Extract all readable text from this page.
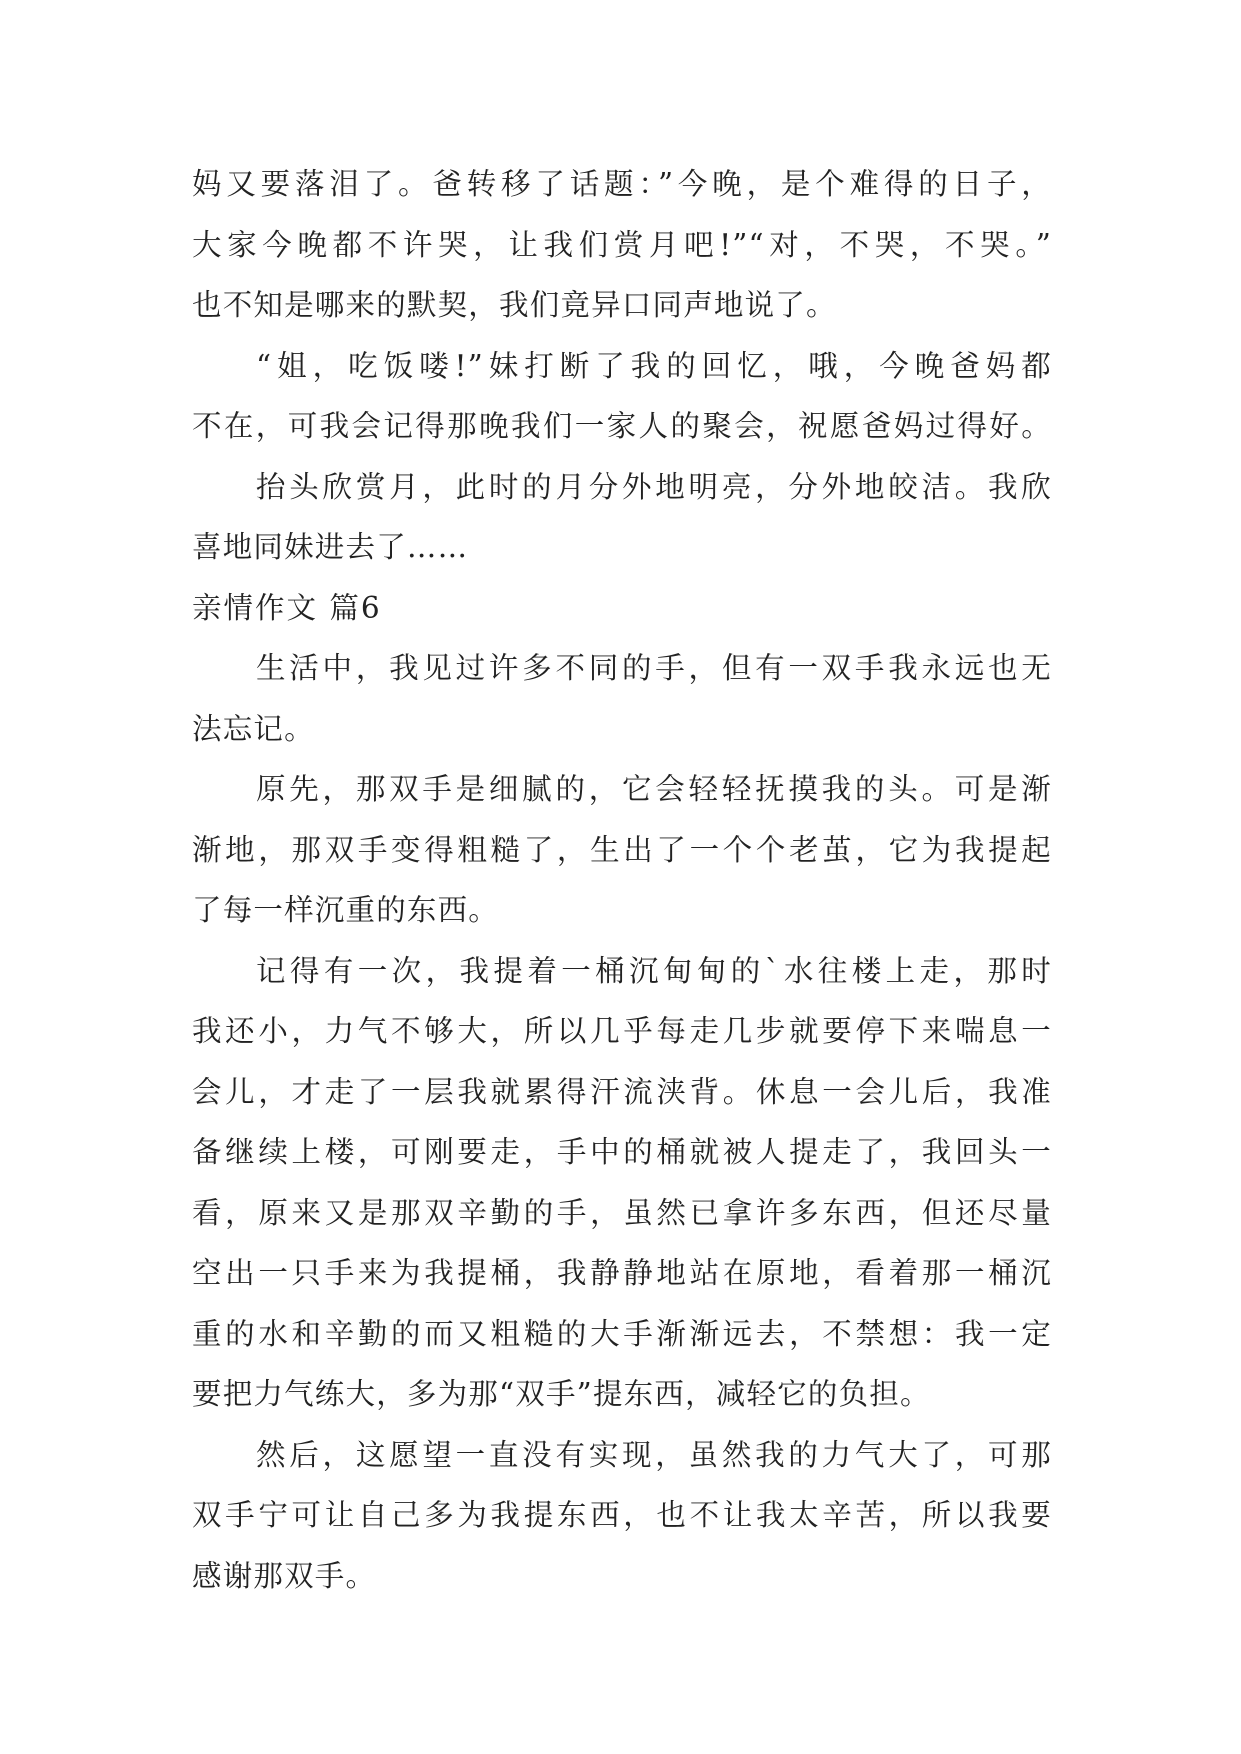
妈又要落泪了。爸转移了话题：”今晚，是个难得的日子，
大家今晚都不许哭，让我们赏月吧!”“对，不哭，不哭。”
也不知是哪来的默契，我们竟异口同声地说了。
“姐，吃饭喽!”妹打断了我的回忆，哦，今晚爸妈都
不在，可我会记得那晚我们一家人的聚会，祝愿爸妈过得好。
抬头欣赏月，此时的月分外地明亮，分外地皎洁。我欣
喜地同妹进去了……
亲情作文 篇6
生活中，我见过许多不同的手，但有一双手我永远也无
法忘记。
原先，那双手是细腻的，它会轻轻抚摸我的头。可是渐
渐地，那双手变得粗糙了，生出了一个个老茧，它为我提起
了每一样沉重的东西。
记得有一次，我提着一桶沉甸甸的`水往楼上走，那时
我还小，力气不够大，所以几乎每走几步就要停下来喘息一
会儿，才走了一层我就累得汗流浃背。休息一会儿后，我准
备继续上楼，可刚要走，手中的桶就被人提走了，我回头一
看，原来又是那双辛勤的手，虽然已拿许多东西，但还尽量
空出一只手来为我提桶，我静静地站在原地，看着那一桶沉
重的水和辛勤的而又粗糙的大手渐渐远去，不禁想：我一定
要把力气练大，多为那“双手”提东西，减轻它的负担。
然后，这愿望一直没有实现，虽然我的力气大了，可那
双手宁可让自己多为我提东西，也不让我太辛苦，所以我要
感谢那双手。
